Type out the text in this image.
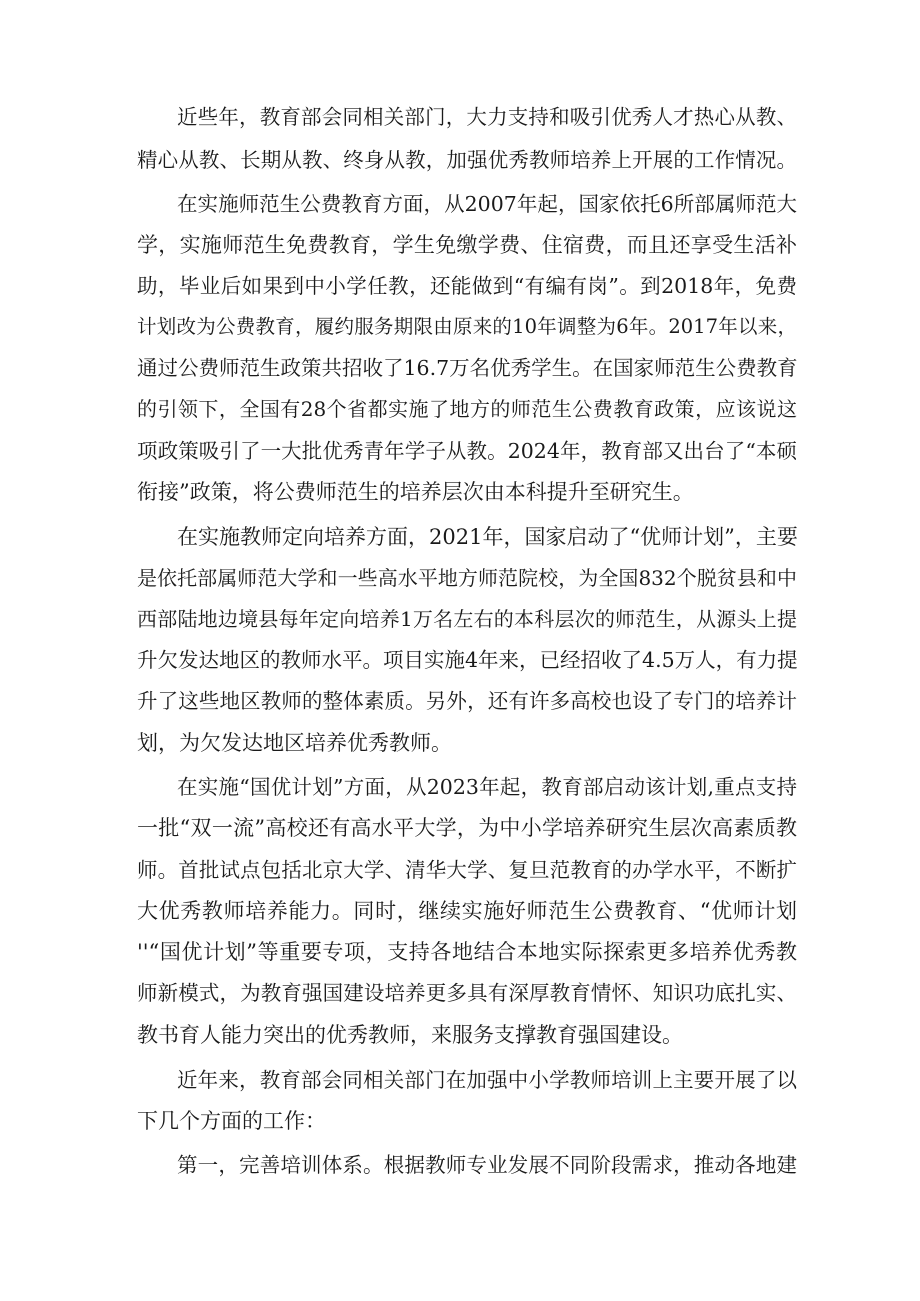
近些年，教育部会同相关部门，大力支持和吸引优秀人才热心从教、

精心从教、长期从教、终身从教，加强优秀教师培养上开展的工作情况。

在实施师范生公费教育方面，从2007年起，国家依托6所部属师范大

学，实施师范生免费教育，学生免缴学费、住宿费，而且还享受生活补

助，毕业后如果到中小学任教，还能做到“有编有岗”。到2018年，免费

计划改为公费教育，履约服务期限由原来的10年调整为6年。2017年以来，

通过公费师范生政策共招收了16.7万名优秀学生。在国家师范生公费教育

的引领下，全国有28个省都实施了地方的师范生公费教育政策，应该说这

项政策吸引了一大批优秀青年学子从教。2024年，教育部又出台了“本硕

衔接”政策，将公费师范生的培养层次由本科提升至研究生。

在实施教师定向培养方面，2021年，国家启动了“优师计划”，主要

是依托部属师范大学和一些高水平地方师范院校，为全国832个脱贫县和中

西部陆地边境县每年定向培养1万名左右的本科层次的师范生，从源头上提

升欠发达地区的教师水平。项目实施4年来，已经招收了4.5万人，有力提

升了这些地区教师的整体素质。另外，还有许多高校也设了专门的培养计

划，为欠发达地区培养优秀教师。

在实施“国优计划”方面，从2023年起，教育部启动该计划,重点支持

一批“双一流”高校还有高水平大学，为中小学培养研究生层次高素质教

师。首批试点包括北京大学、清华大学、复旦范教育的办学水平，不断扩

大优秀教师培养能力。同时，继续实施好师范生公费教育、“优师计划

''“国优计划”等重要专项，支持各地结合本地实际探索更多培养优秀教

师新模式，为教育强国建设培养更多具有深厚教育情怀、知识功底扎实、

教书育人能力突出的优秀教师，来服务支撑教育强国建设。

近年来，教育部会同相关部门在加强中小学教师培训上主要开展了以

下几个方面的工作：

第一，完善培训体系。根据教师专业发展不同阶段需求，推动各地建
